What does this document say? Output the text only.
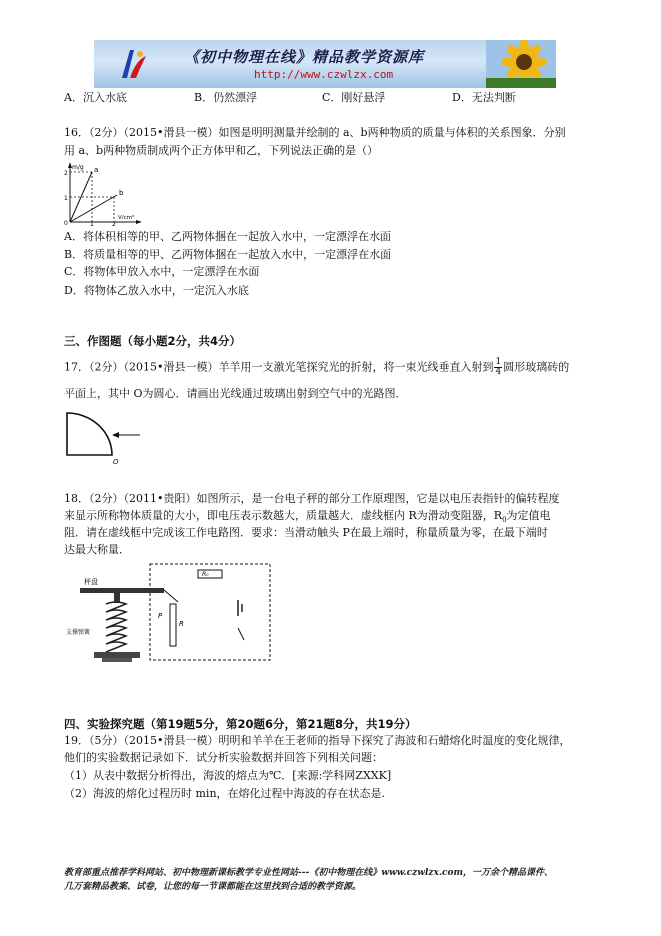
《初中物理在线》精品教学资源库
http://www.czwlzx.com
A．沉入水底	B．仍然漂浮	C．刚好悬浮	D．无法判断
16．（2分）（2015•滑县一模）如图是明明测量并绘制的 a、b两种物质的质量与体积的关系图象．分别
用 a、b两种物质制成两个正方体甲和乙，下列说法正确的是（）
m/g a
b
2
1
0	1	2
V/cm³
A．将体积相等的甲、乙两物体捆在一起放入水中，一定漂浮在水面
B．将质量相等的甲、乙两物体捆在一起放入水中，一定漂浮在水面
C．将物体甲放入水中，一定漂浮在水面
D．将物体乙放入水中，一定沉入水底
三、作图题（每小题2分，共4分）
17．（2分）（2015•滑县一模）羊羊用一支激光笔探究光的折射，将一束光线垂直入射到 $\frac{1}{4}$ 圆形玻璃砖的
平面上，其中 O为圆心．请画出光线通过玻璃出射到空气中的光路图．
O
18．（2分）（2011•贵阳）如图所示，是一台电子秤的部分工作原理图，它是以电压表指针的偏转程度
来显示所称物体质量的大小，即电压表示数越大，质量越大．虚线框内 R为滑动变阻器，$R_0$为定值电
阻．请在虚线框中完成该工作电路图．要求：当滑动触头 P在最上端时，称量质量为零，在最下端时
达最大称量．
秤盘
支撑弹簧
P
R
R₀
四、实验探究题（第19题5分，第20题6分，第21题8分，共19分）
19．（5分）（2015•滑县一模）明明和羊羊在王老师的指导下探究了海波和石蜡熔化时温度的变化规律，
他们的实验数据记录如下．试分析实验数据并回答下列相关问题：
（1）从表中数据分析得出，海波的熔点为℃．[来源:学科网ZXXK]
（2）海波的熔化过程历时 min，在熔化过程中海波的存在状态是.
教育部重点推荐学科网站、初中物理新课标教学专业性网站---《初中物理在线》www.czwlzx.com，一万余个精品课件、
几万套精品教案、试卷，让您的每一节课都能在这里找到合适的教学资源。
